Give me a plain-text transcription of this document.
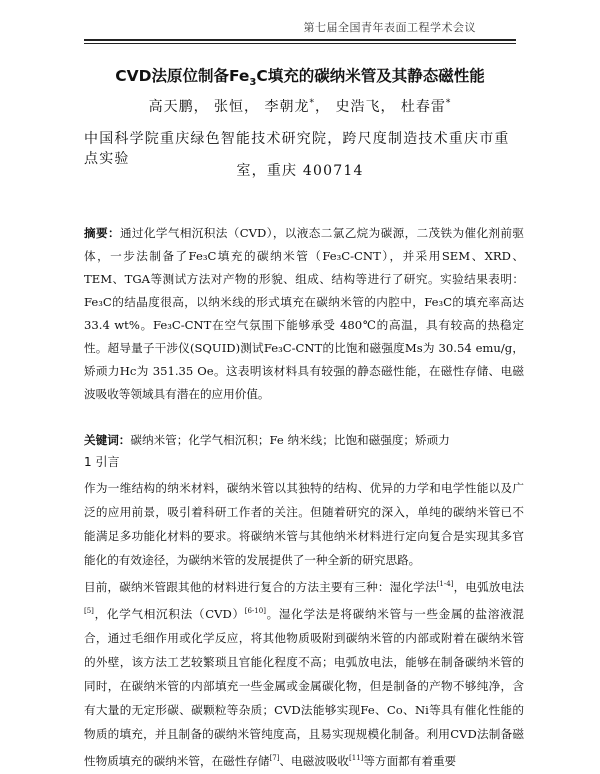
第七届全国青年表面工程学术会议
CVD法原位制备$Fe_3C$填充的碳纳米管及其静态磁性能
高天鹏， 张恒， 李朝龙*， 史浩飞， 杜春雷*
中国科学院重庆绿色智能技术研究院，跨尺度制造技术重庆市重点实验
室，重庆 400714
摘要：通过化学气相沉积法（CVD），以液态二氯乙烷为碳源，二茂铁为催化剂前驱体，一步法制备了Fe₃C填充的碳纳米管（Fe₃C-CNT），并采用SEM、XRD、TEM、TGA等测试方法对产物的形貌、组成、结构等进行了研究。实验结果表明：Fe₃C的结晶度很高，以纳米线的形式填充在碳纳米管的内腔中，Fe₃C的填充率高达 33.4 wt%。Fe₃C-CNT在空气氛围下能够承受 480℃的高温，具有较高的热稳定性。超导量子干涉仪(SQUID)测试Fe₃C-CNT的比饱和磁强度Ms为 30.54 emu/g，矫顽力Hc为 351.35 Oe。这表明该材料具有较强的静态磁性能，在磁性存储、电磁波吸收等领域具有潜在的应用价值。
关键词：碳纳米管；化学气相沉积；Fe 纳米线；比饱和磁强度；矫顽力
1 引言

作为一维结构的纳米材料，碳纳米管以其独特的结构、优异的力学和电学性能以及广泛的应用前景，吸引着科研工作者的关注。但随着研究的深入，单纯的碳纳米管已不能满足多功能化材料的要求。将碳纳米管与其他纳米材料进行定向复合是实现其多官能化的有效途径，为碳纳米管的发展提供了一种全新的研究思路。

目前，碳纳米管跟其他的材料进行复合的方法主要有三种：湿化学法[1-4]，电弧放电法[5]，化学气相沉积法（CVD）[6-10]。湿化学法是将碳纳米管与一些金属的盐溶液混合，通过毛细作用或化学反应，将其他物质吸附到碳纳米管的内部或附着在碳纳米管的外壁，该方法工艺较繁琐且官能化程度不高；电弧放电法，能够在制备碳纳米管的同时，在碳纳米管的内部填充一些金属或金属碳化物，但是制备的产物不够纯净，含有大量的无定形碳、碳颗粒等杂质；CVD法能够实现Fe、Co、Ni等具有催化性能的物质的填充，并且制备的碳纳米管纯度高，且易实现规模化制备。利用CVD法制备磁性物质填充的碳纳米管，在磁性存储[7]、电磁波吸收[11]等方面都有着重要
